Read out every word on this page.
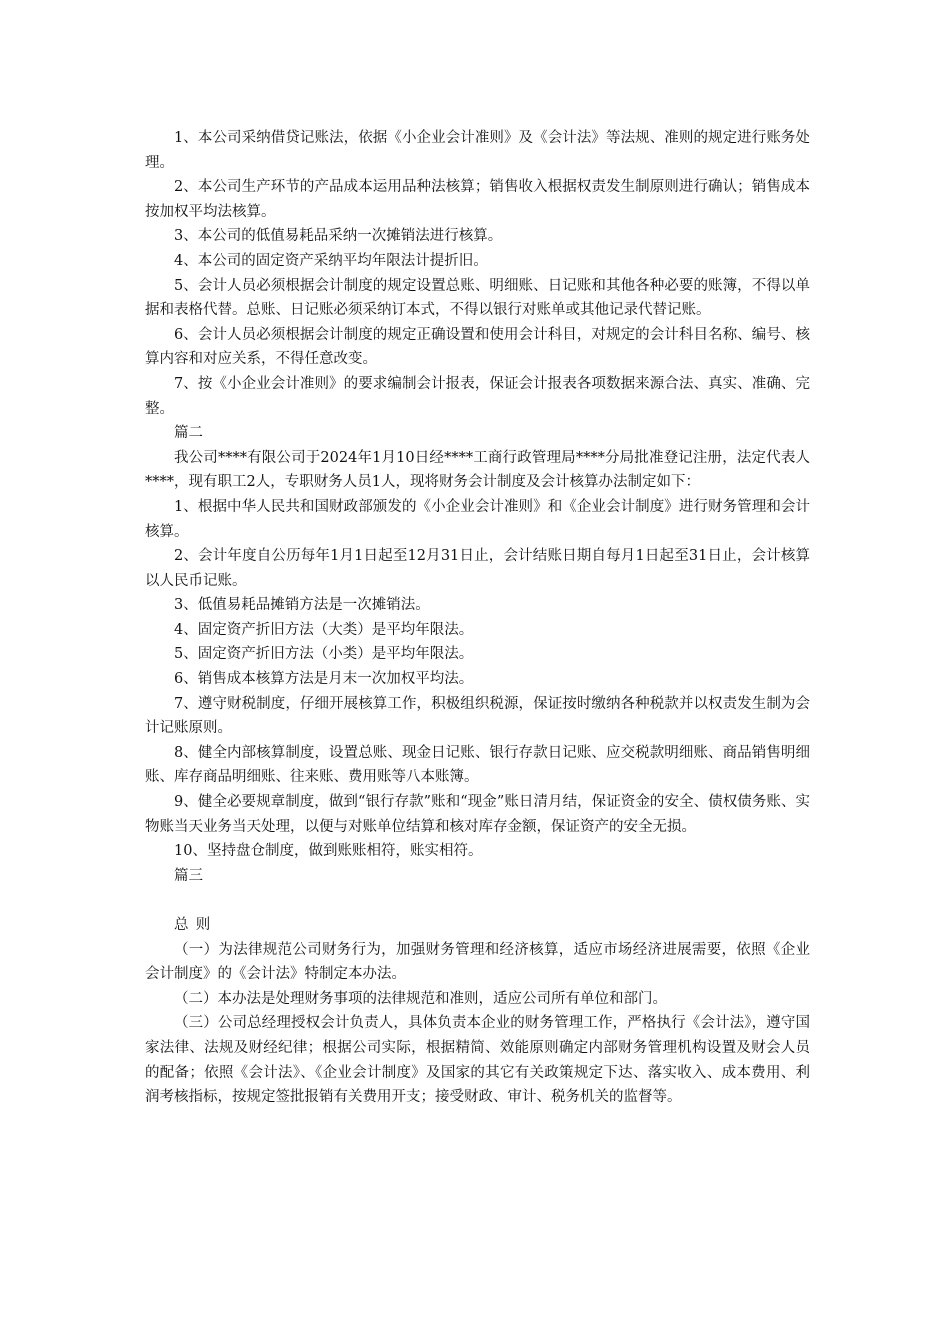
1、本公司采纳借贷记账法，依据《小企业会计准则》及《会计法》等法规、准则的规定进行账务处理。

2、本公司生产环节的产品成本运用品种法核算；销售收入根据权责发生制原则进行确认；销售成本按加权平均法核算。

3、本公司的低值易耗品采纳一次摊销法进行核算。

4、本公司的固定资产采纳平均年限法计提折旧。

5、会计人员必须根据会计制度的规定设置总账、明细账、日记账和其他各种必要的账簿，不得以单据和表格代替。总账、日记账必须采纳订本式，不得以银行对账单或其他记录代替记账。

6、会计人员必须根据会计制度的规定正确设置和使用会计科目，对规定的会计科目名称、编号、核算内容和对应关系，不得任意改变。

7、按《小企业会计准则》的要求编制会计报表，保证会计报表各项数据来源合法、真实、准确、完整。

篇二

我公司****有限公司于2024年1月10日经****工商行政管理局****分局批准登记注册，法定代表人****，现有职工2人，专职财务人员1人，现将财务会计制度及会计核算办法制定如下：

1、根据中华人民共和国财政部颁发的《小企业会计准则》和《企业会计制度》进行财务管理和会计核算。

2、会计年度自公历每年1月1日起至12月31日止，会计结账日期自每月1日起至31日止，会计核算以人民币记账。

3、低值易耗品摊销方法是一次摊销法。

4、固定资产折旧方法（大类）是平均年限法。

5、固定资产折旧方法（小类）是平均年限法。

6、销售成本核算方法是月末一次加权平均法。

7、遵守财税制度，仔细开展核算工作，积极组织税源，保证按时缴纳各种税款并以权责发生制为会计记账原则。

8、健全内部核算制度，设置总账、现金日记账、银行存款日记账、应交税款明细账、商品销售明细账、库存商品明细账、往来账、费用账等八本账簿。

9、健全必要规章制度，做到“银行存款”账和“现金”账日清月结，保证资金的安全、债权债务账、实物账当天业务当天处理，以便与对账单位结算和核对库存金额，保证资产的安全无损。

10、坚持盘仓制度，做到账账相符，账实相符。

篇三

总则

（一）为法律规范公司财务行为，加强财务管理和经济核算，适应市场经济进展需要，依照《企业会计制度》的《会计法》特制定本办法。

（二）本办法是处理财务事项的法律规范和准则，适应公司所有单位和部门。

（三）公司总经理授权会计负责人，具体负责本企业的财务管理工作，严格执行《会计法》，遵守国家法律、法规及财经纪律；根据公司实际，根据精简、效能原则确定内部财务管理机构设置及财会人员的配备；依照《会计法》、《企业会计制度》及国家的其它有关政策规定下达、落实收入、成本费用、利润考核指标，按规定签批报销有关费用开支；接受财政、审计、税务机关的监督等。
